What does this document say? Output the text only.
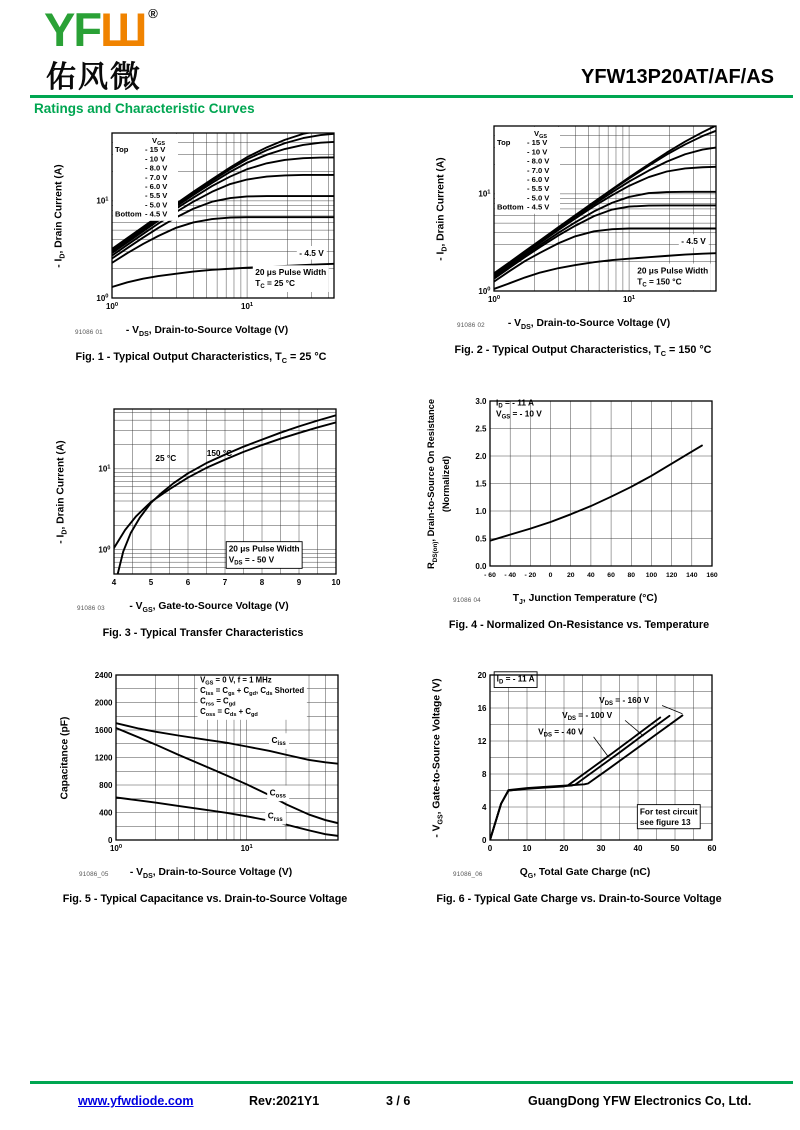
YFШ ®
佑风微	YFW13P20AT/AF/AS
Ratings and Characteristic Curves
- $I_D$, Drain Current (A)
$10^0$	$10^1$
$10^0$
$10^1$
$V_{GS}$
Top - 15 V
- 10 V
- 8.0 V
- 7.0 V
- 6.0 V
- 5.5 V
- 5.0 V
Bottom - 4.5 V
- 4.5 V
20 μs Pulse Width
$T_C = 25$ °C
91086 $01 - V_{DS}$, Drain-to-Source Voltage (V)
Fig. 1 - Typical Output Characteristics, $T_C = 25$ °C
- $I_D$, Drain Current (A)
$10^0$	$10^1$
$10^0$
$10^1$
$V_{GS}$
Top - 15 V
- 10 V
- 8.0 V
- 7.0 V
- 6.0 V
- 5.5 V
- 5.0 V
Bottom - 4.5 V
- 4.5 V
20 μs Pulse Width
$T_C = 150$ °C
91086 $02 - V_{DS}$, Drain-to-Source Voltage (V)
Fig. 2 - Typical Output Characteristics, $T_C = 150$ °C
- $I_D$, Drain Current (A)
4	5	6	7	8	9	10
$10^0$
$10^1$
25 °C
150 °C
20 μs Pulse Width
$V_{DS}$ = - 50 V
91086 $03 - V_{GS}$, Gate-to-Source Voltage (V)
Fig. 3 - Typical Transfer Characteristics
$R_{DS(on)}$, Drain-to-Source On Resistance (Normalized)
- 60 - 40 - 20 0 20 40 60 80 100 120 140 160
0.0
0.5
1.0
1.5
2.0
2.5
3.0 $I_D$ = - 11 A
$V_{GS}$ = - 10 V
91086 04	$T_J$, Junction Temperature (°C)
Fig. 4 - Normalized On-Resistance vs. Temperature
Capacitance (pF)
$10^0$	$10^1$
0
400
800
1200
1600
2000
2400
$V_{GS} = 0$ V, f = 1 MHz
$C_{iss} = C_{gs} + C_{gd}$, $C_{ds}$ Shorted
$C_{rss} = C_{gd}$
$C_{oss} = C_{ds} + C_{gd}$
$C_{iss}$
$C_{oss}$
$C_{rss}$
91086_05 - $V_{DS}$, Drain-to-Source Voltage (V)
Fig. 5 - Typical Capacitance vs. Drain-to-Source Voltage
- $V_{GS}$, Gate-to-Source Voltage (V)
0	10	20	30	40	50	60
0
4
8
12
16
20 $I_D$ = - 11 A
$V_{DS}$ = - 160 V
$V_{DS}$ = - 100 V
$V_{DS}$ = - 40 V
For test circuit
see figure 13
91086_06	$Q_G$, Total Gate Charge (nC)
Fig. 6 - Typical Gate Charge vs. Drain-to-Source Voltage
www.yfwdiode.com	Rev:2021Y1	3 / 6	GuangDong YFW Electronics Co, Ltd.
